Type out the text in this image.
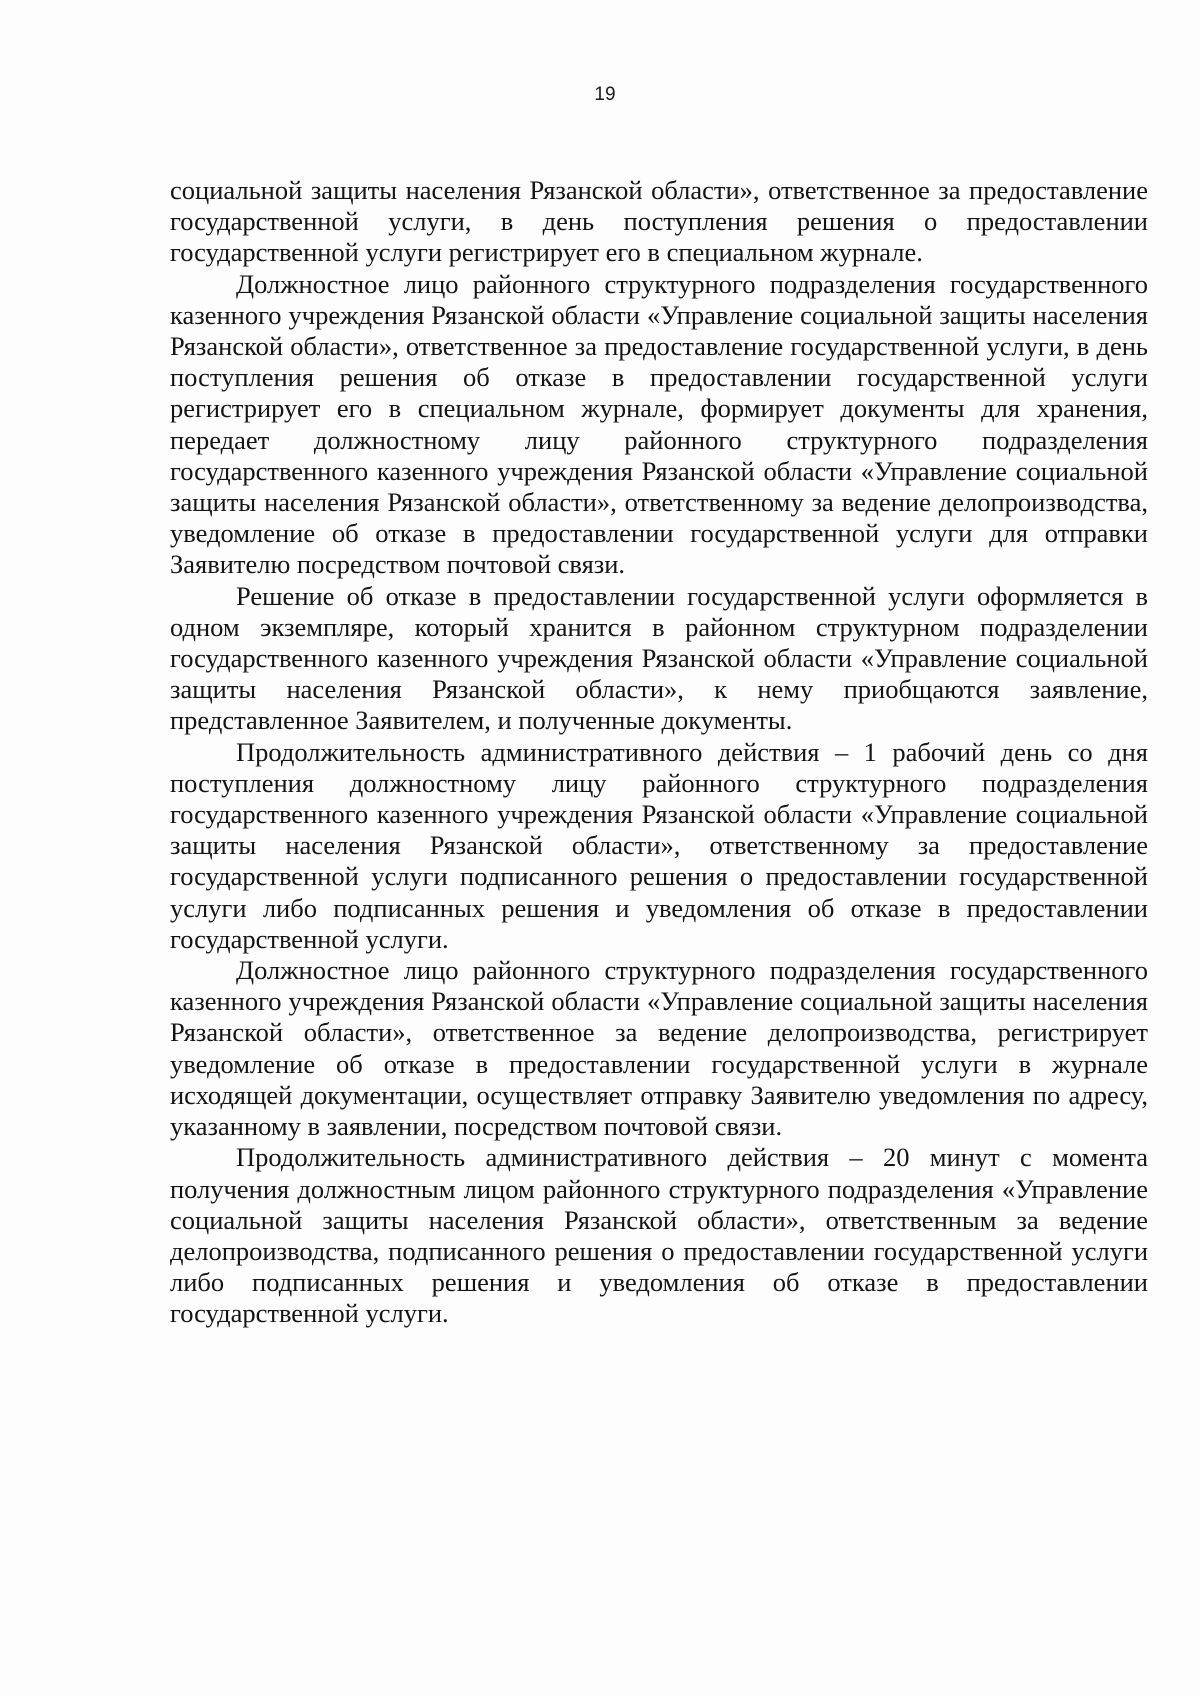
19

социальной защиты населения Рязанской области», ответственное за предоставление государственной услуги, в день поступления решения о предоставлении государственной услуги регистрирует его в специальном журнале.

Должностное лицо районного структурного подразделения государственного казенного учреждения Рязанской области «Управление социальной защиты населения Рязанской области», ответственное за предоставление государственной услуги, в день поступления решения об отказе в предоставлении государственной услуги регистрирует его в специальном журнале, формирует документы для хранения, передает должностному лицу районного структурного подразделения государственного казенного учреждения Рязанской области «Управление социальной защиты населения Рязанской области», ответственному за ведение делопроизводства, уведомление об отказе в предоставлении государственной услуги для отправки Заявителю посредством почтовой связи.

Решение об отказе в предоставлении государственной услуги оформляется в одном экземпляре, который хранится в районном структурном подразделении государственного казенного учреждения Рязанской области «Управление социальной защиты населения Рязанской области», к нему приобщаются заявление, представленное Заявителем, и полученные документы.

Продолжительность административного действия – 1 рабочий день со дня поступления должностному лицу районного структурного подразделения государственного казенного учреждения Рязанской области «Управление социальной защиты населения Рязанской области», ответственному за предоставление государственной услуги подписанного решения о предоставлении государственной услуги либо подписанных решения и уведомления об отказе в предоставлении государственной услуги.

Должностное лицо районного структурного подразделения государственного казенного учреждения Рязанской области «Управление социальной защиты населения Рязанской области», ответственное за ведение делопроизводства, регистрирует уведомление об отказе в предоставлении государственной услуги в журнале исходящей документации, осуществляет отправку Заявителю уведомления по адресу, указанному в заявлении, посредством почтовой связи.

Продолжительность административного действия – 20 минут с момента получения должностным лицом районного структурного подразделения «Управление социальной защиты населения Рязанской области», ответственным за ведение делопроизводства, подписанного решения о предоставлении государственной услуги либо подписанных решения и уведомления об отказе в предоставлении государственной услуги.
